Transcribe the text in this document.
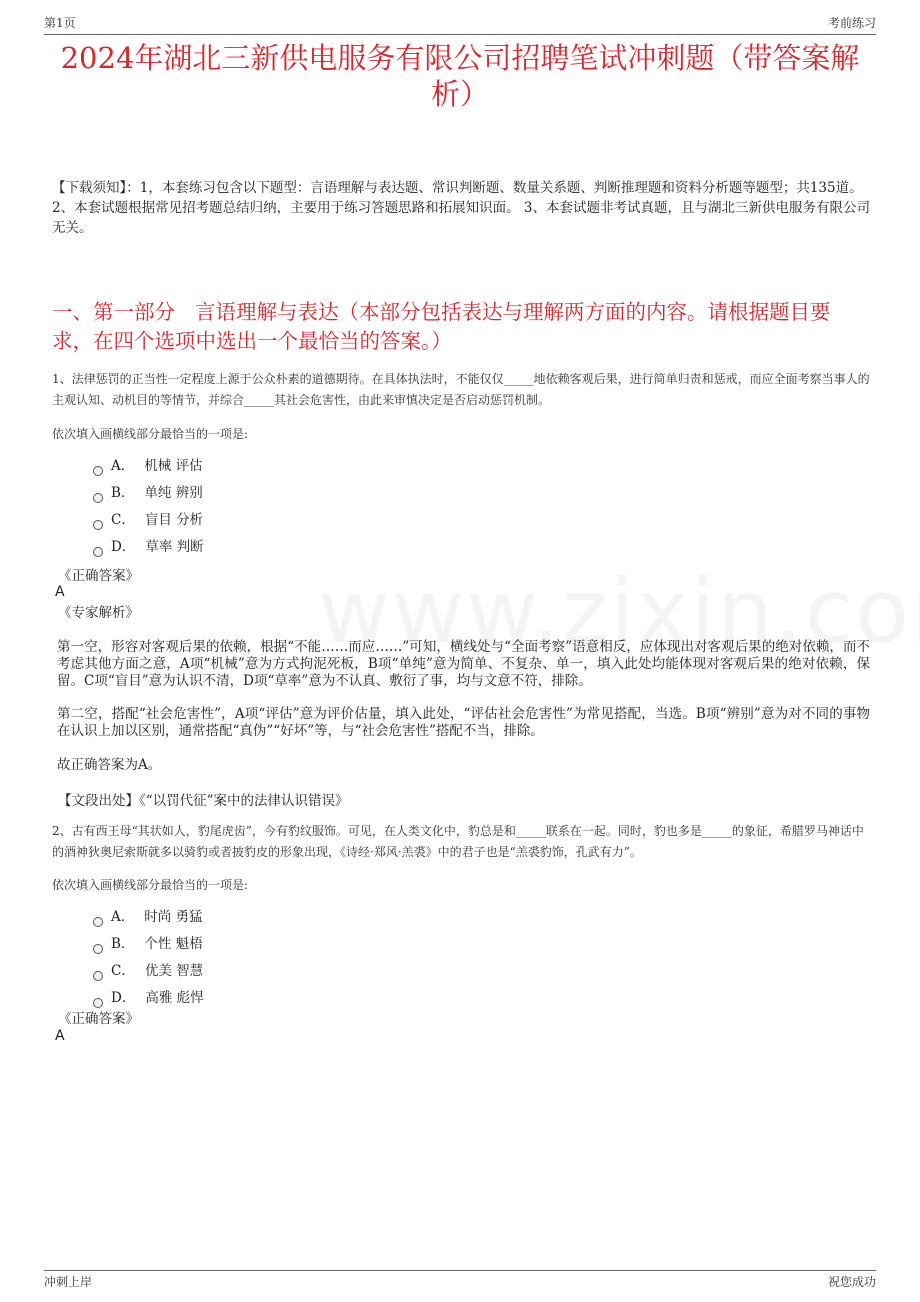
第1页	考前练习
2024年湖北三新供电服务有限公司招聘笔试冲刺题（带答案解析）
【下载须知】：1，本套练习包含以下题型：言语理解与表达题、常识判断题、数量关系题、判断推理题和资料分析题等题型；共135道。 2、本套试题根据常见招考题总结归纳，主要用于练习答题思路和拓展知识面。 3、本套试题非考试真题，且与湖北三新供电服务有限公司无关。
一、第一部分 言语理解与表达（本部分包括表达与理解两方面的内容。请根据题目要求，在四个选项中选出一个最恰当的答案。）
1、法律惩罚的正当性一定程度上源于公众朴素的道德期待。在具体执法时，不能仅仅_____地依赖客观后果，进行简单归责和惩戒，而应全面考察当事人的主观认知、动机目的等情节，并综合_____其社会危害性，由此来审慎决定是否启动惩罚机制。
依次填入画横线部分最恰当的一项是:
A． 机械 评估
B． 单纯 辨别
C． 盲目 分析
D． 草率 判断
《正确答案》
A
《专家解析》
第一空，形容对客观后果的依赖，根据“不能……而应……”可知，横线处与“全面考察”语意相反，应体现出对客观后果的绝对依赖，而不考虑其他方面之意，A项“机械”意为方式拘泥死板，B项“单纯”意为简单、不复杂、单一，填入此处均能体现对客观后果的绝对依赖，保留。C项“盲目”意为认识不清，D项“草率”意为不认真、敷衍了事，均与文意不符，排除。
第二空，搭配“社会危害性”，A项“评估”意为评价估量，填入此处，“评估社会危害性”为常见搭配，当选。B项“辨别”意为对不同的事物在认识上加以区别，通常搭配“真伪”“好坏”等，与“社会危害性”搭配不当，排除。
故正确答案为A。
【文段出处】《“以罚代征”案中的法律认识错误》
2、古有西王母“其状如人，豹尾虎齿”，今有豹纹服饰。可见，在人类文化中，豹总是和_____联系在一起。同时，豹也多是_____的象征，希腊罗马神话中的酒神狄奥尼索斯就多以骑豹或者披豹皮的形象出现，《诗经·郑风·羔裘》中的君子也是“羔裘豹饰，孔武有力”。
依次填入画横线部分最恰当的一项是:
A． 时尚 勇猛
B． 个性 魁梧
C． 优美 智慧
D． 高雅 彪悍
《正确答案》
A
冲刺上岸	祝您成功
